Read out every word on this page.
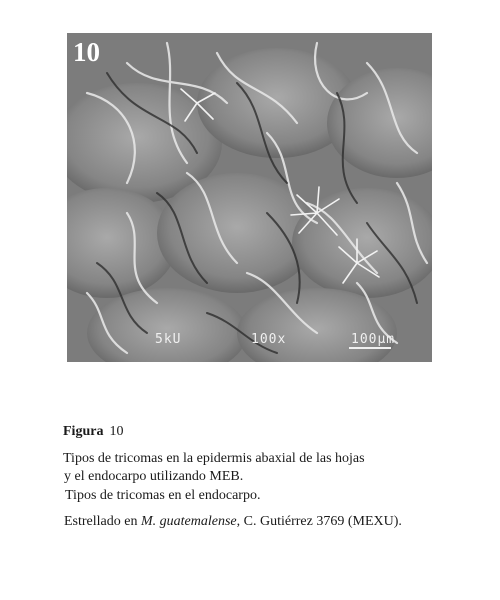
10
5kU	100x	100µm

Figura 10

Tipos de tricomas en la epidermis abaxial de las hojas

y el endocarpo utilizando MEB.

Tipos de tricomas en el endocarpo.

Estrellado en M. guatemalense, C. Gutiérrez 3769 (MEXU).
